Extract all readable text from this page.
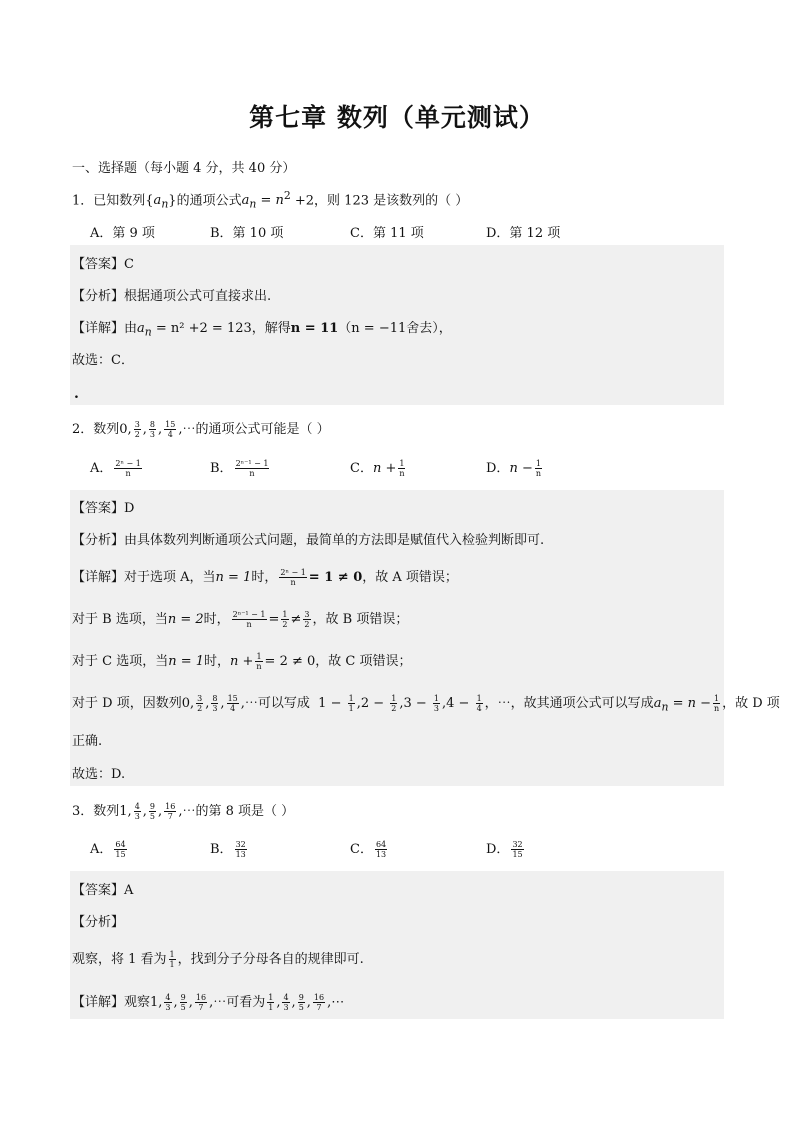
第七章 数列（单元测试）
一、选择题（每小题 4 分，共 40 分）
1．已知数列$\{a_n\}$的通项公式$a_n = n^2 +2$，则 123 是该数列的（ ）
A．第 9 项	B．第 10 项	C．第 11 项	D．第 12 项
【答案】C
【分析】根据通项公式可直接求出.
【详解】由$a_n = n^2 +2 = 123$，解得n = 11（n = −11舍去），
故选：C．
.
2．数列0, $\frac{3}{2}$ , $\frac{8}{3}$ , $\frac{15}{4}$ ,⋯的通项公式可能是（ ）
A． $\frac{\text{2ⁿ − 1}}{n}$	B． $\frac{\text{2ⁿ⁻¹ − 1}}{n}$	C．$n + \frac{1}{n}$	D．$n - \frac{1}{n}$
【答案】D
【分析】由具体数列判断通项公式问题，最简单的方法即是赋值代入检验判断即可.
【详解】对于选项 A，当n = 1时， $\frac{\text{2ⁿ − 1}}{n} = 1 \ne 0$，故 A 项错误；
对于 B 选项，当n = 2时， $\frac{\text{2ⁿ⁻¹ − 1}}{n} = \frac{1}{2} \ne \frac{3}{2}$ ，故 B 项错误；
对于 C 选项，当n = 1时，$n + \frac{1}{n} = 2 \ne 0$，故 C 项错误；
对于 D 项，因数列0, $\frac{3}{2}$ , $\frac{8}{3}$ , $\frac{15}{4}$ ,⋯可以写成  $1 - \frac{1}{1} ,2 - \frac{1}{2} ,3 - \frac{1}{3} ,4 - \frac{1}{4}$ ，⋯，故其通项公式可以写成$a_n = n - \frac{1}{n}$ ，故 D 项
正确.
故选：D.
3．数列1, $\frac{4}{3}$ , $\frac{9}{5}$ , $\frac{16}{7}$ ,⋯的第 8 项是（ ）
A． $\frac{64}{15}$	B． $\frac{32}{13}$	C． $\frac{64}{13}$	D． $\frac{32}{15}$
【答案】A
【分析】
观察，将 1 看为 $\frac{1}{1}$ ，找到分子分母各自的规律即可.
【详解】观察1, $\frac{4}{3}$ , $\frac{9}{5}$ , $\frac{16}{7}$ ,⋯可看为 $\frac{1}{1}$ , $\frac{4}{3}$ , $\frac{9}{5}$ , $\frac{16}{7}$ ,⋯
